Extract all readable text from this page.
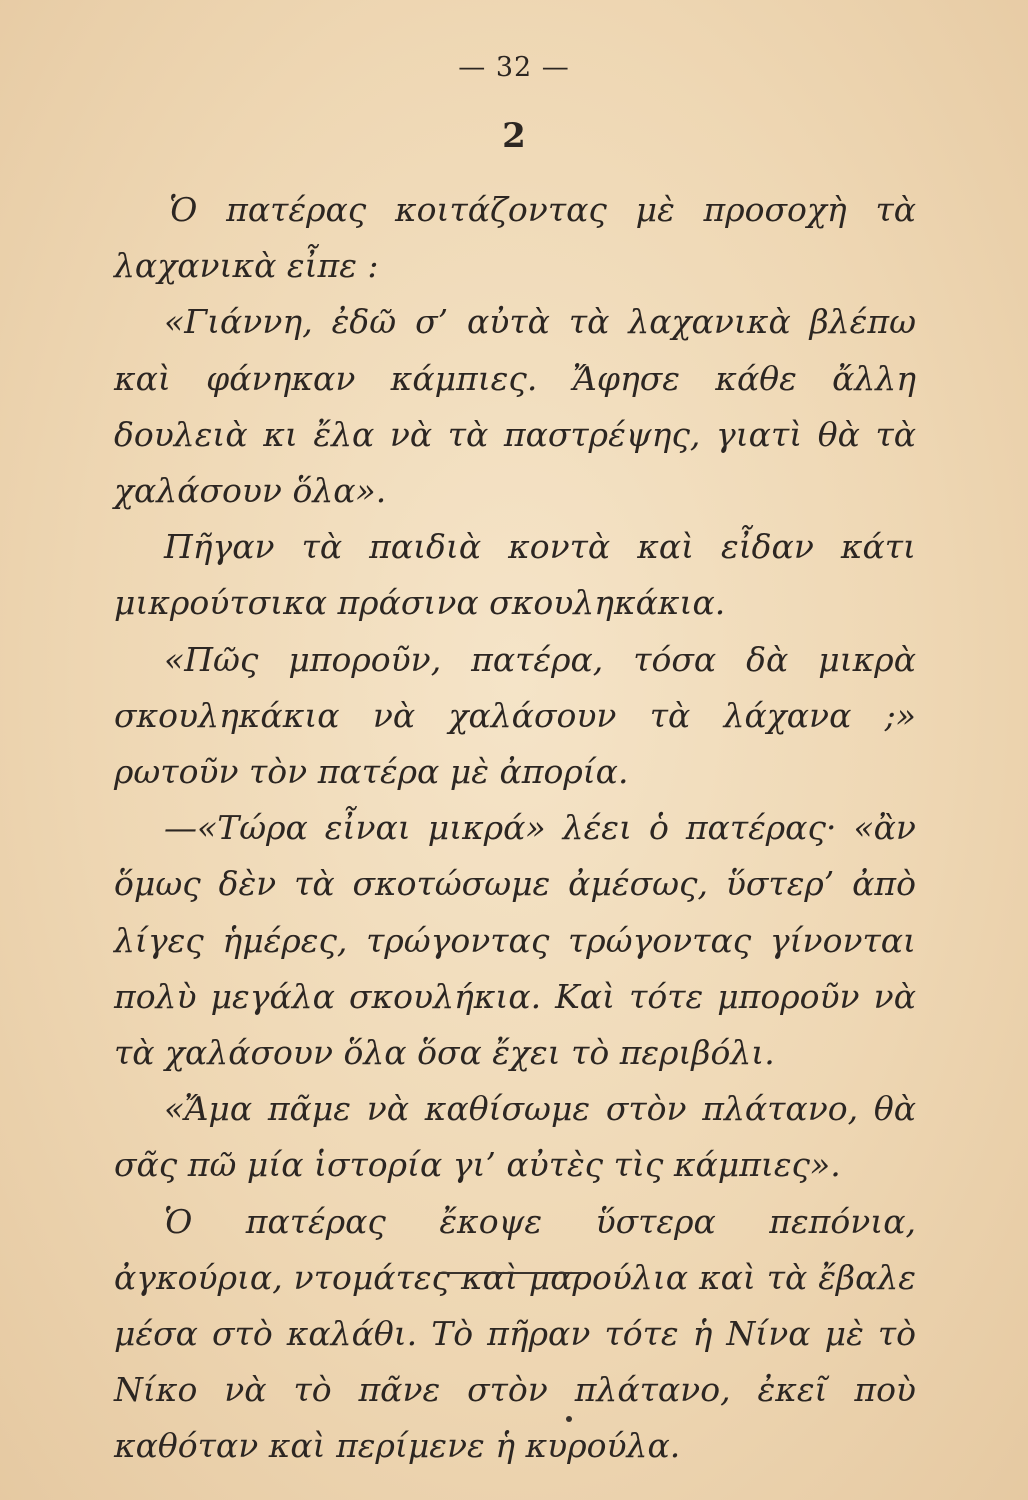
— 32 —
2

Ὁ πατέρας κοιτάζοντας μὲ προσοχὴ τὰ λαχανικὰ εἶπε :

«Γιάννη, ἐδῶ σ’ αὐτὰ τὰ λαχανικὰ βλέπω καὶ φάνηκαν κάμπιες. Ἄφησε κάθε ἄλλη δουλειὰ κι ἔλα νὰ τὰ παστρέψης, γιατὶ θὰ τὰ χαλάσουν ὅλα».

Πῆγαν τὰ παιδιὰ κοντὰ καὶ εἶδαν κάτι μικρούτσικα πράσινα σκουληκάκια.

«Πῶς μποροῦν, πατέρα, τόσα δὰ μικρὰ σκουληκάκια νὰ χαλάσουν τὰ λάχανα ;» ρωτοῦν τὸν πατέρα μὲ ἀπορία.

—«Τώρα εἶναι μικρά» λέει ὁ πατέρας· «ἂν ὅμως δὲν τὰ σκοτώσωμε ἀμέσως, ὕστερ’ ἀπὸ λίγες ἡμέρες, τρώγοντας τρώγοντας γίνονται πολὺ μεγάλα σκουλήκια. Καὶ τότε μποροῦν νὰ τὰ χαλάσουν ὅλα ὅσα ἔχει τὸ περιβόλι.

«Ἄμα πᾶμε νὰ καθίσωμε στὸν πλάτανο, θὰ σᾶς πῶ μία ἱστορία γι’ αὐτὲς τὶς κάμπιες».

Ὁ πατέρας ἔκοψε ὕστερα πεπόνια, ἀγκούρια, ντομάτες καὶ μαρούλια καὶ τὰ ἔβαλε μέσα στὸ καλάθι. Τὸ πῆραν τότε ἡ Νίνα μὲ τὸ Νίκο νὰ τὸ πᾶνε στὸν πλάτανο, ἐκεῖ ποὺ καθόταν καὶ περίμενε ἡ κυρούλα.
